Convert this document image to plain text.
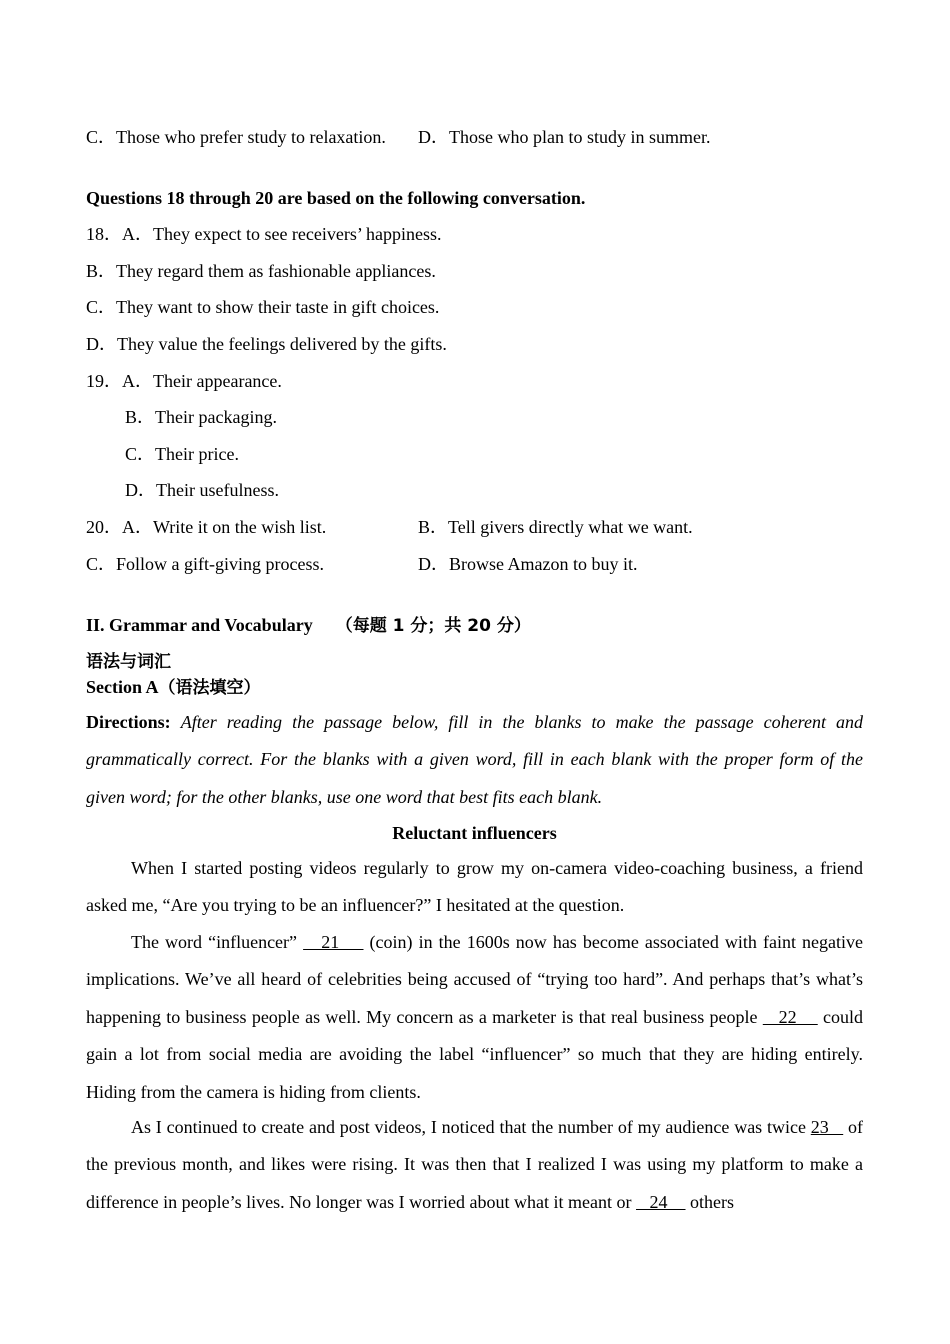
C．Those who prefer study to relaxation. D．Those who plan to study in summer.
Questions 18 through 20 are based on the following conversation.
18．A．They expect to see receivers’ happiness.
B．They regard them as fashionable appliances.
C．They want to show their taste in gift choices.
D．They value the feelings delivered by the gifts.
19．A．Their appearance.
B．Their packaging.
C．Their price.
D．Their usefulness.
20．A．Write it on the wish list.	B．Tell givers directly what we want.
C．Follow a gift-giving process.	D．Browse Amazon to buy it.
II. Grammar and Vocabulary （每题 1 分；共 20 分）
语法与词汇
Section A（语法填空）
Directions: After reading the passage below, fill in the blanks to make the passage coherent and grammatically correct. For the blanks with a given word, fill in each blank with the proper form of the given word; for the other blanks, use one word that best fits each blank.
Reluctant influencers
When I started posting videos regularly to grow my on-camera video-coaching business, a friend asked me, “Are you trying to be an influencer?” I hesitated at the question.
The word “influencer”    21     (coin) in the 1600s now has become associated with faint negative implications. We’ve all heard of celebrities being accused of “trying too hard”. And perhaps that’s what’s happening to business people as well. My concern as a marketer is that real business people    22     could gain a lot from social media are avoiding the label “influencer” so much that they are hiding entirely. Hiding from the camera is hiding from clients.
As I continued to create and post videos, I noticed that the number of my audience was twice 23    of the previous month, and likes were rising. It was then that I realized I was using my platform to make a difference in people’s lives. No longer was I worried about what it meant or    24     others
